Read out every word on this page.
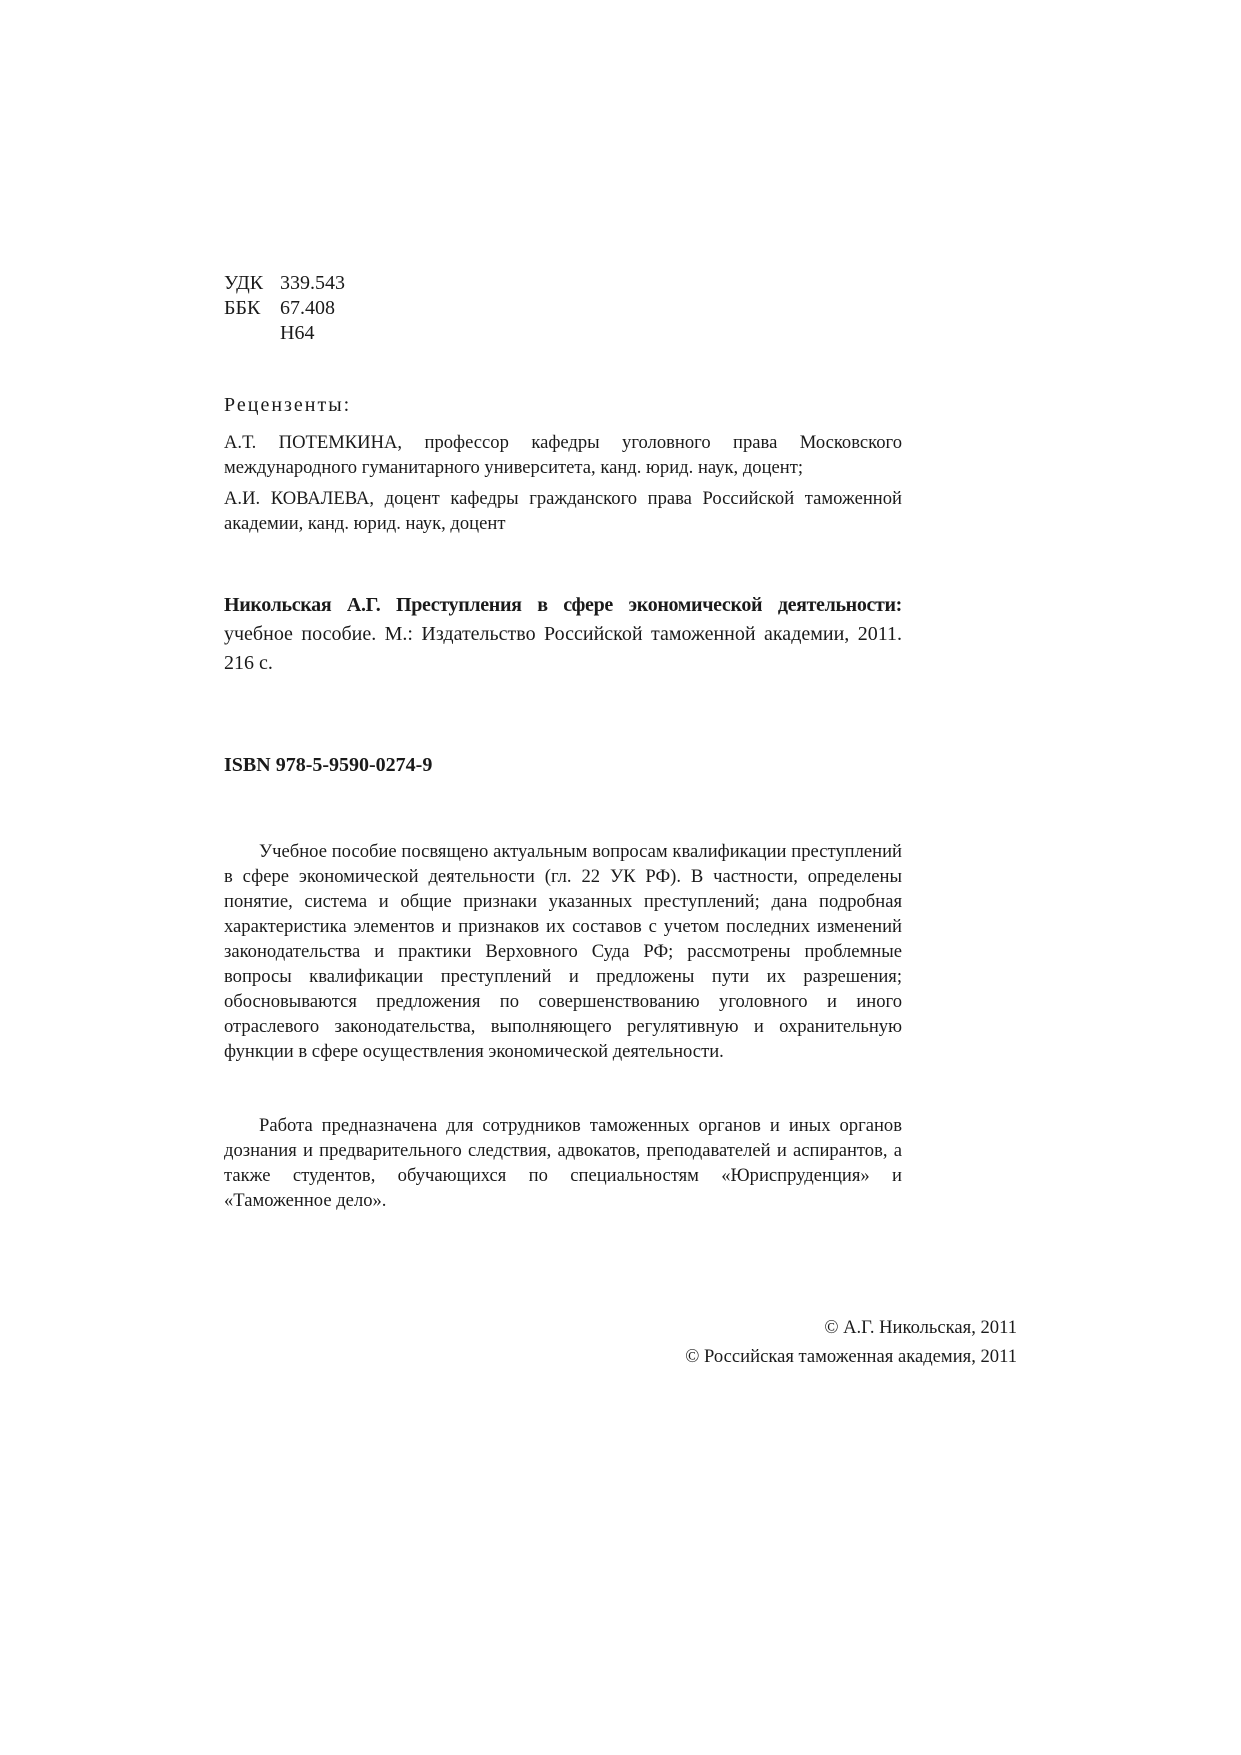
УДК 339.543
ББК 67.408
Н64
Рецензенты:
А.Т. ПОТЕМКИНА, профессор кафедры уголовного права Московского международного гуманитарного университета, канд. юрид. наук, доцент;
А.И. КОВАЛЕВА, доцент кафедры гражданского права Российской таможенной академии, канд. юрид. наук, доцент
Никольская А.Г. Преступления в сфере экономической деятельности: учебное пособие. М.: Издательство Российской таможенной академии, 2011. 216 с.
ISBN 978-5-9590-0274-9

Учебное пособие посвящено актуальным вопросам квалификации преступлений в сфере экономической деятельности (гл. 22 УК РФ). В частности, определены понятие, система и общие признаки указанных преступлений; дана подробная характеристика элементов и признаков их составов с учетом последних изменений законодательства и практики Верховного Суда РФ; рассмотрены проблемные вопросы квалификации преступлений и предложены пути их разрешения; обосновываются предложения по совершенствованию уголовного и иного отраслевого законодательства, выполняющего регулятивную и охранительную функции в сфере осуществления экономической деятельности.

Работа предназначена для сотрудников таможенных органов и иных органов дознания и предварительного следствия, адвокатов, преподавателей и аспирантов, а также студентов, обучающихся по специальностям «Юриспруденция» и «Таможенное дело».

© А.Г. Никольская, 2011
© Российская таможенная академия, 2011
